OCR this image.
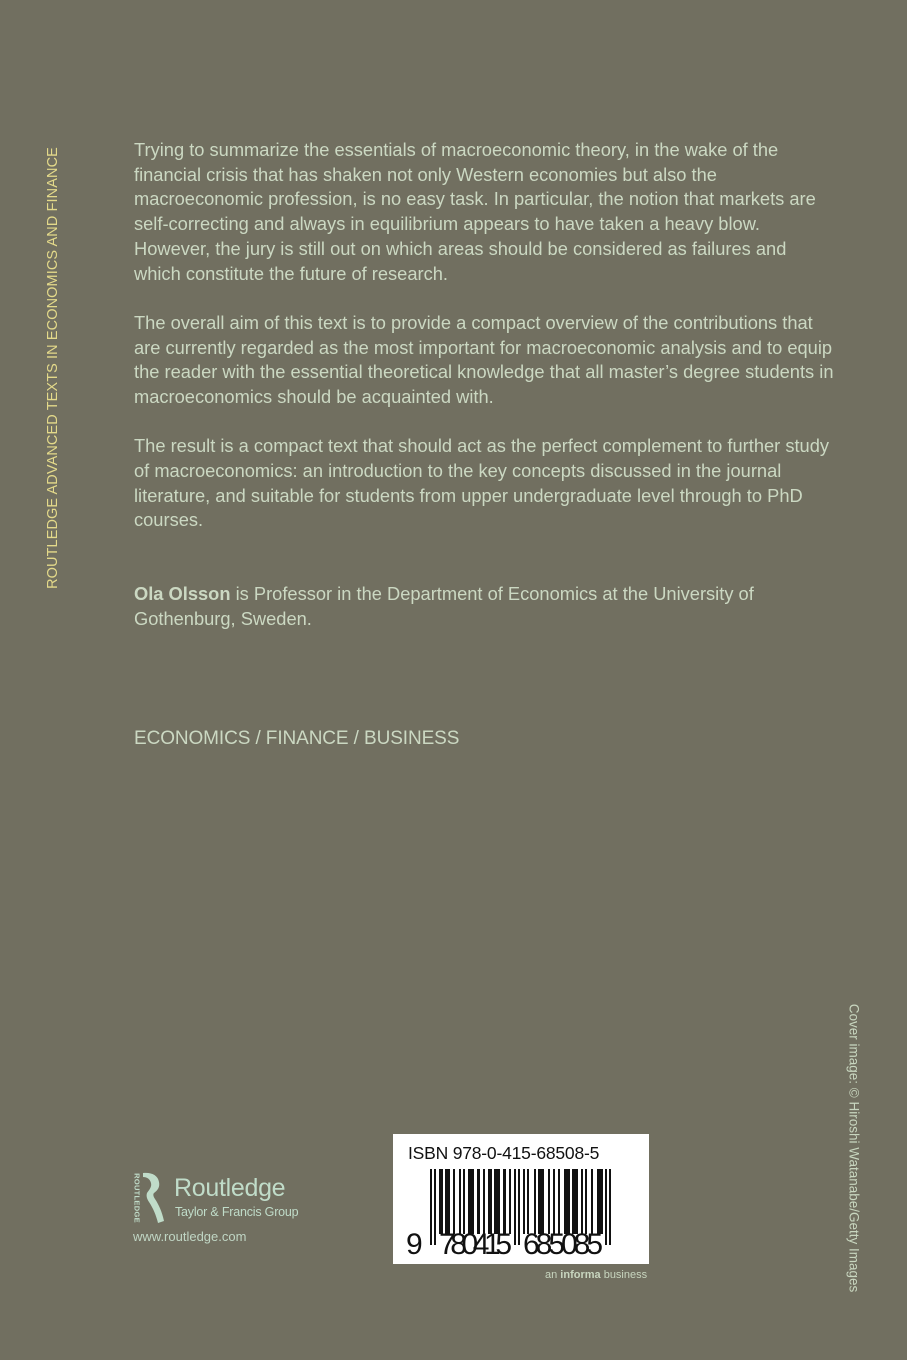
ROUTLEDGE ADVANCED TEXTS IN ECONOMICS AND FINANCE	Trying to summarize the essentials of macroeconomic theory, in the wake of the financial crisis that has shaken not only Western economies but also the macroeconomic profession, is no easy task. In particular, the notion that markets are self-correcting and always in equilibrium appears to have taken a heavy blow. However, the jury is still out on which areas should be considered as failures and which constitute the future of research.

The overall aim of this text is to provide a compact overview of the contributions that are currently regarded as the most important for macroeconomic analysis and to equip the reader with the essential theoretical knowledge that all master’s degree students in macroeconomics should be acquainted with.

The result is a compact text that should act as the perfect complement to further study of macroeconomics: an introduction to the key concepts discussed in the journal literature, and suitable for students from upper undergraduate level through to PhD courses.

Ola Olsson is Professor in the Department of Economics at the University of Gothenburg, Sweden.

ECONOMICS / FINANCE / BUSINESS
Cover image: © Hiroshi Watanabe/Getty Images
ROUTLEDGE Routledge
Taylor & Francis Group
www.routledge.com
ISBN 978-0-415-68508-5
9 780415 685085
an informa business
